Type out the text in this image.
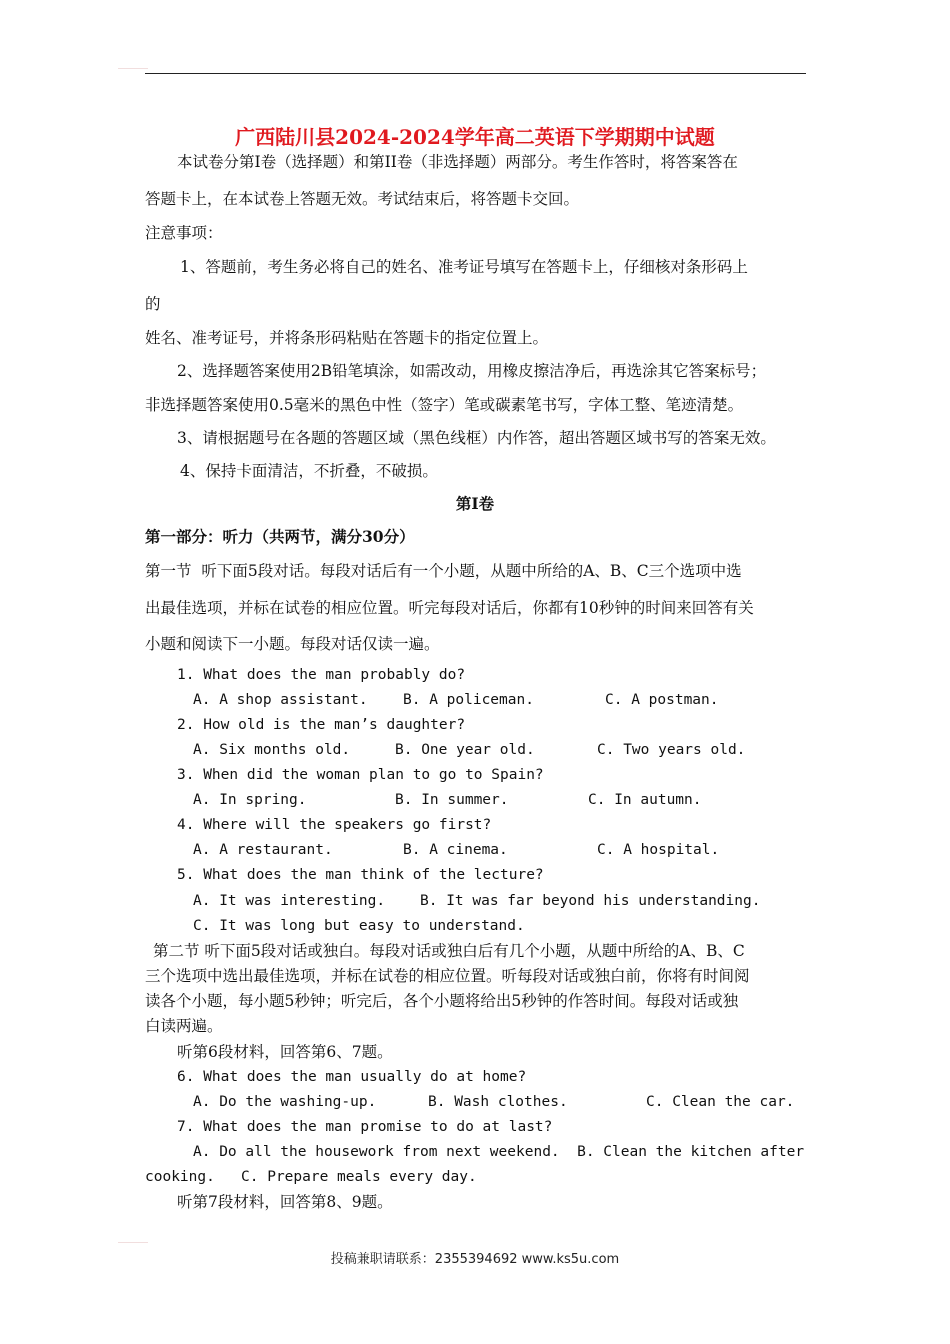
广西陆川县2024-2024学年高二英语下学期期中试题
本试卷分第I卷（选择题）和第II卷（非选择题）两部分。考生作答时，将答案答在
答题卡上，在本试卷上答题无效。考试结束后，将答题卡交回。
注意事项：
1、答题前，考生务必将自己的姓名、准考证号填写在答题卡上，仔细核对条形码上
的
姓名、准考证号，并将条形码粘贴在答题卡的指定位置上。
2、选择题答案使用2B铅笔填涂，如需改动，用橡皮擦洁净后，再选涂其它答案标号；
非选择题答案使用0.5毫米的黑色中性（签字）笔或碳素笔书写，字体工整、笔迹清楚。
3、请根据题号在各题的答题区域（黑色线框）内作答，超出答题区域书写的答案无效。
4、保持卡面清洁，不折叠，不破损。
第I卷
第一部分：听力（共两节，满分30分）
第一节  听下面5段对话。每段对话后有一个小题，从题中所给的A、B、C三个选项中选
出最佳选项，并标在试卷的相应位置。听完每段对话后，你都有10秒钟的时间来回答有关
小题和阅读下一小题。每段对话仅读一遍。
1. What does the man probably do?
A. A shop assistant. B. A policeman.	C. A postman.
2. How old is the man’s daughter?
A. Six months old.	B. One year old.	C. Two years old.
3. When did the woman plan to go to Spain?
A. In spring.	B. In summer.	C. In autumn.
4. Where will the speakers go first?
A. A restaurant.	B. A cinema.	C. A hospital.
5. What does the man think of the lecture?
A. It was interesting. B. It was far beyond his understanding.
C. It was long but easy to understand.
第二节 听下面5段对话或独白。每段对话或独白后有几个小题，从题中所给的A、B、C
三个选项中选出最佳选项，并标在试卷的相应位置。听每段对话或独白前，你将有时间阅
读各个小题，每小题5秒钟；听完后，各个小题将给出5秒钟的作答时间。每段对话或独
白读两遍。
听第6段材料，回答第6、7题。
6. What does the man usually do at home?
A. Do the washing-up.	B. Wash clothes.	C. Clean the car.
7. What does the man promise to do at last?
A. Do all the housework from next weekend.  B. Clean the kitchen after
cooking.   C. Prepare meals every day.
听第7段材料，回答第8、9题。
投稿兼职请联系：2355394692 www.ks5u.com
